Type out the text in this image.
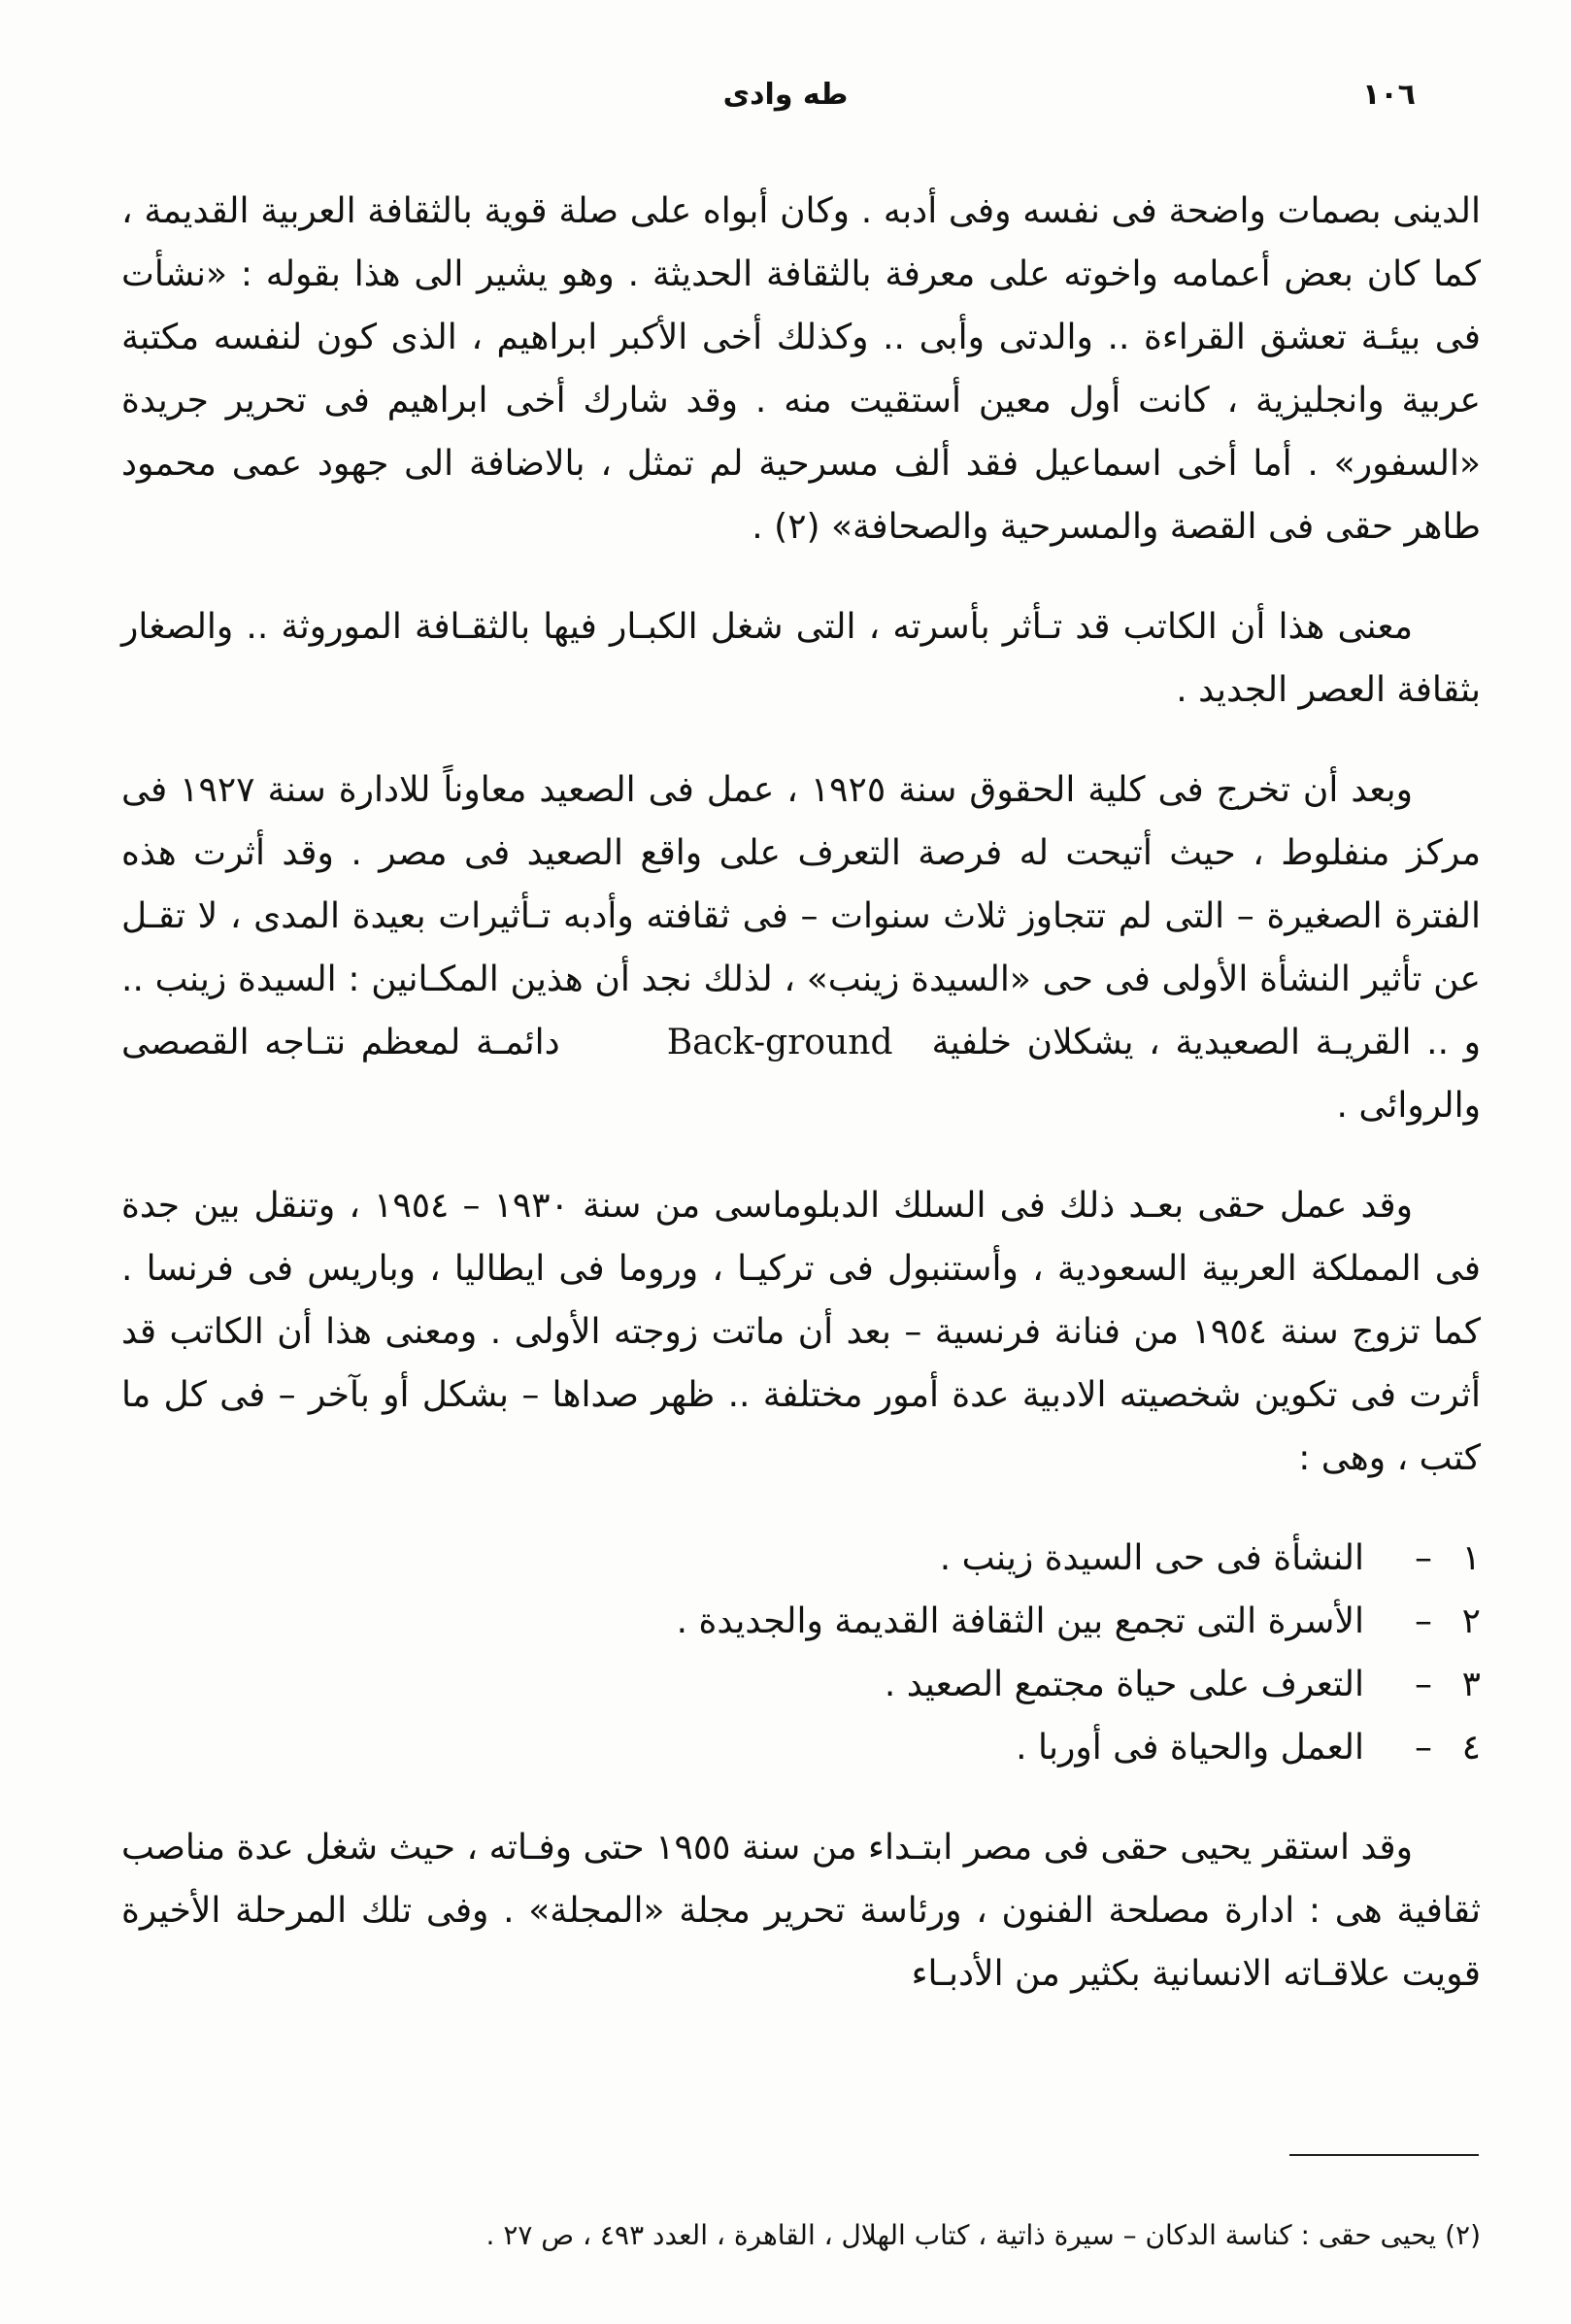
١٠٦
طه وادى

الدينى بصمات واضحة فى نفسه وفى أدبه . وكان أبواه على صلة قوية بالثقافة العربية القديمة ، كما كان بعض أعمامه واخوته على معرفة بالثقافة الحديثة . وهو يشير الى هذا بقوله : «نشأت فى بيئـة تعشق القراءة .. والدتى وأبى .. وكذلك أخى الأكبر ابراهيم ، الذى كون لنفسه مكتبة عربية وانجليزية ، كانت أول معين أستقيت منه . وقد شارك أخى ابراهيم فى تحرير جريدة «السفور» . أما أخى اسماعيل فقد ألف مسرحية لم تمثل ، بالاضافة الى جهود عمى محمود طاهر حقى فى القصة والمسرحية والصحافة» (٢) .

معنى هذا أن الكاتب قد تـأثر بأسرته ، التى شغل الكبـار فيها بالثقـافة الموروثة .. والصغار بثقافة العصر الجديد .

وبعد أن تخرج فى كلية الحقوق سنة ١٩٢٥ ، عمل فى الصعيد معاوناً للادارة سنة ١٩٢٧ فى مركز منفلوط ، حيث أتيحت له فرصة التعرف على واقع الصعيد فى مصر . وقد أثرت هذه الفترة الصغيرة – التى لم تتجاوز ثلاث سنوات – فى ثقافته وأدبه تـأثيرات بعيدة المدى ، لا تقـل عن تأثير النشأة الأولى فى حى «السيدة زينب» ، لذلك نجد أن هذين المكـانين : السيدة زينب .. و .. القريـة الصعيدية ، يشكلان خلفيةBack-groundدائمـة لمعظم نتـاجه القصصى والروائى .

وقد عمل حقى بعـد ذلك فى السلك الدبلوماسى من سنة ١٩٣٠ – ١٩٥٤ ، وتنقل بين جدة فى المملكة العربية السعودية ، وأستنبول فى تركيـا ، وروما فى ايطاليا ، وباريس فى فرنسا . كما تزوج سنة ١٩٥٤ من فنانة فرنسية – بعد أن ماتت زوجته الأولى . ومعنى هذا أن الكاتب قد أثرت فى تكوين شخصيته الادبية عدة أمور مختلفة .. ظهر صداها – بشكل أو بآخر – فى كل ما كتب ، وهى :

١
–
النشأة فى حى السيدة زينب .
٢
–
الأسرة التى تجمع بين الثقافة القديمة والجديدة .
٣
–
التعرف على حياة مجتمع الصعيد .
٤
–
العمل والحياة فى أوربا .

وقد استقر يحيى حقى فى مصر ابتـداء من سنة ١٩٥٥ حتى وفـاته ، حيث شغل عدة مناصب ثقافية هى : ادارة مصلحة الفنون ، ورئاسة تحرير مجلة «المجلة» . وفى تلك المرحلة الأخيرة قويت علاقـاته الانسانية بكثير من الأدبـاء

(٢) يحيى حقى : كناسة الدكان – سيرة ذاتية ، كتاب الهلال ، القاهرة ، العدد ٤٩٣ ، ص ٢٧ .
